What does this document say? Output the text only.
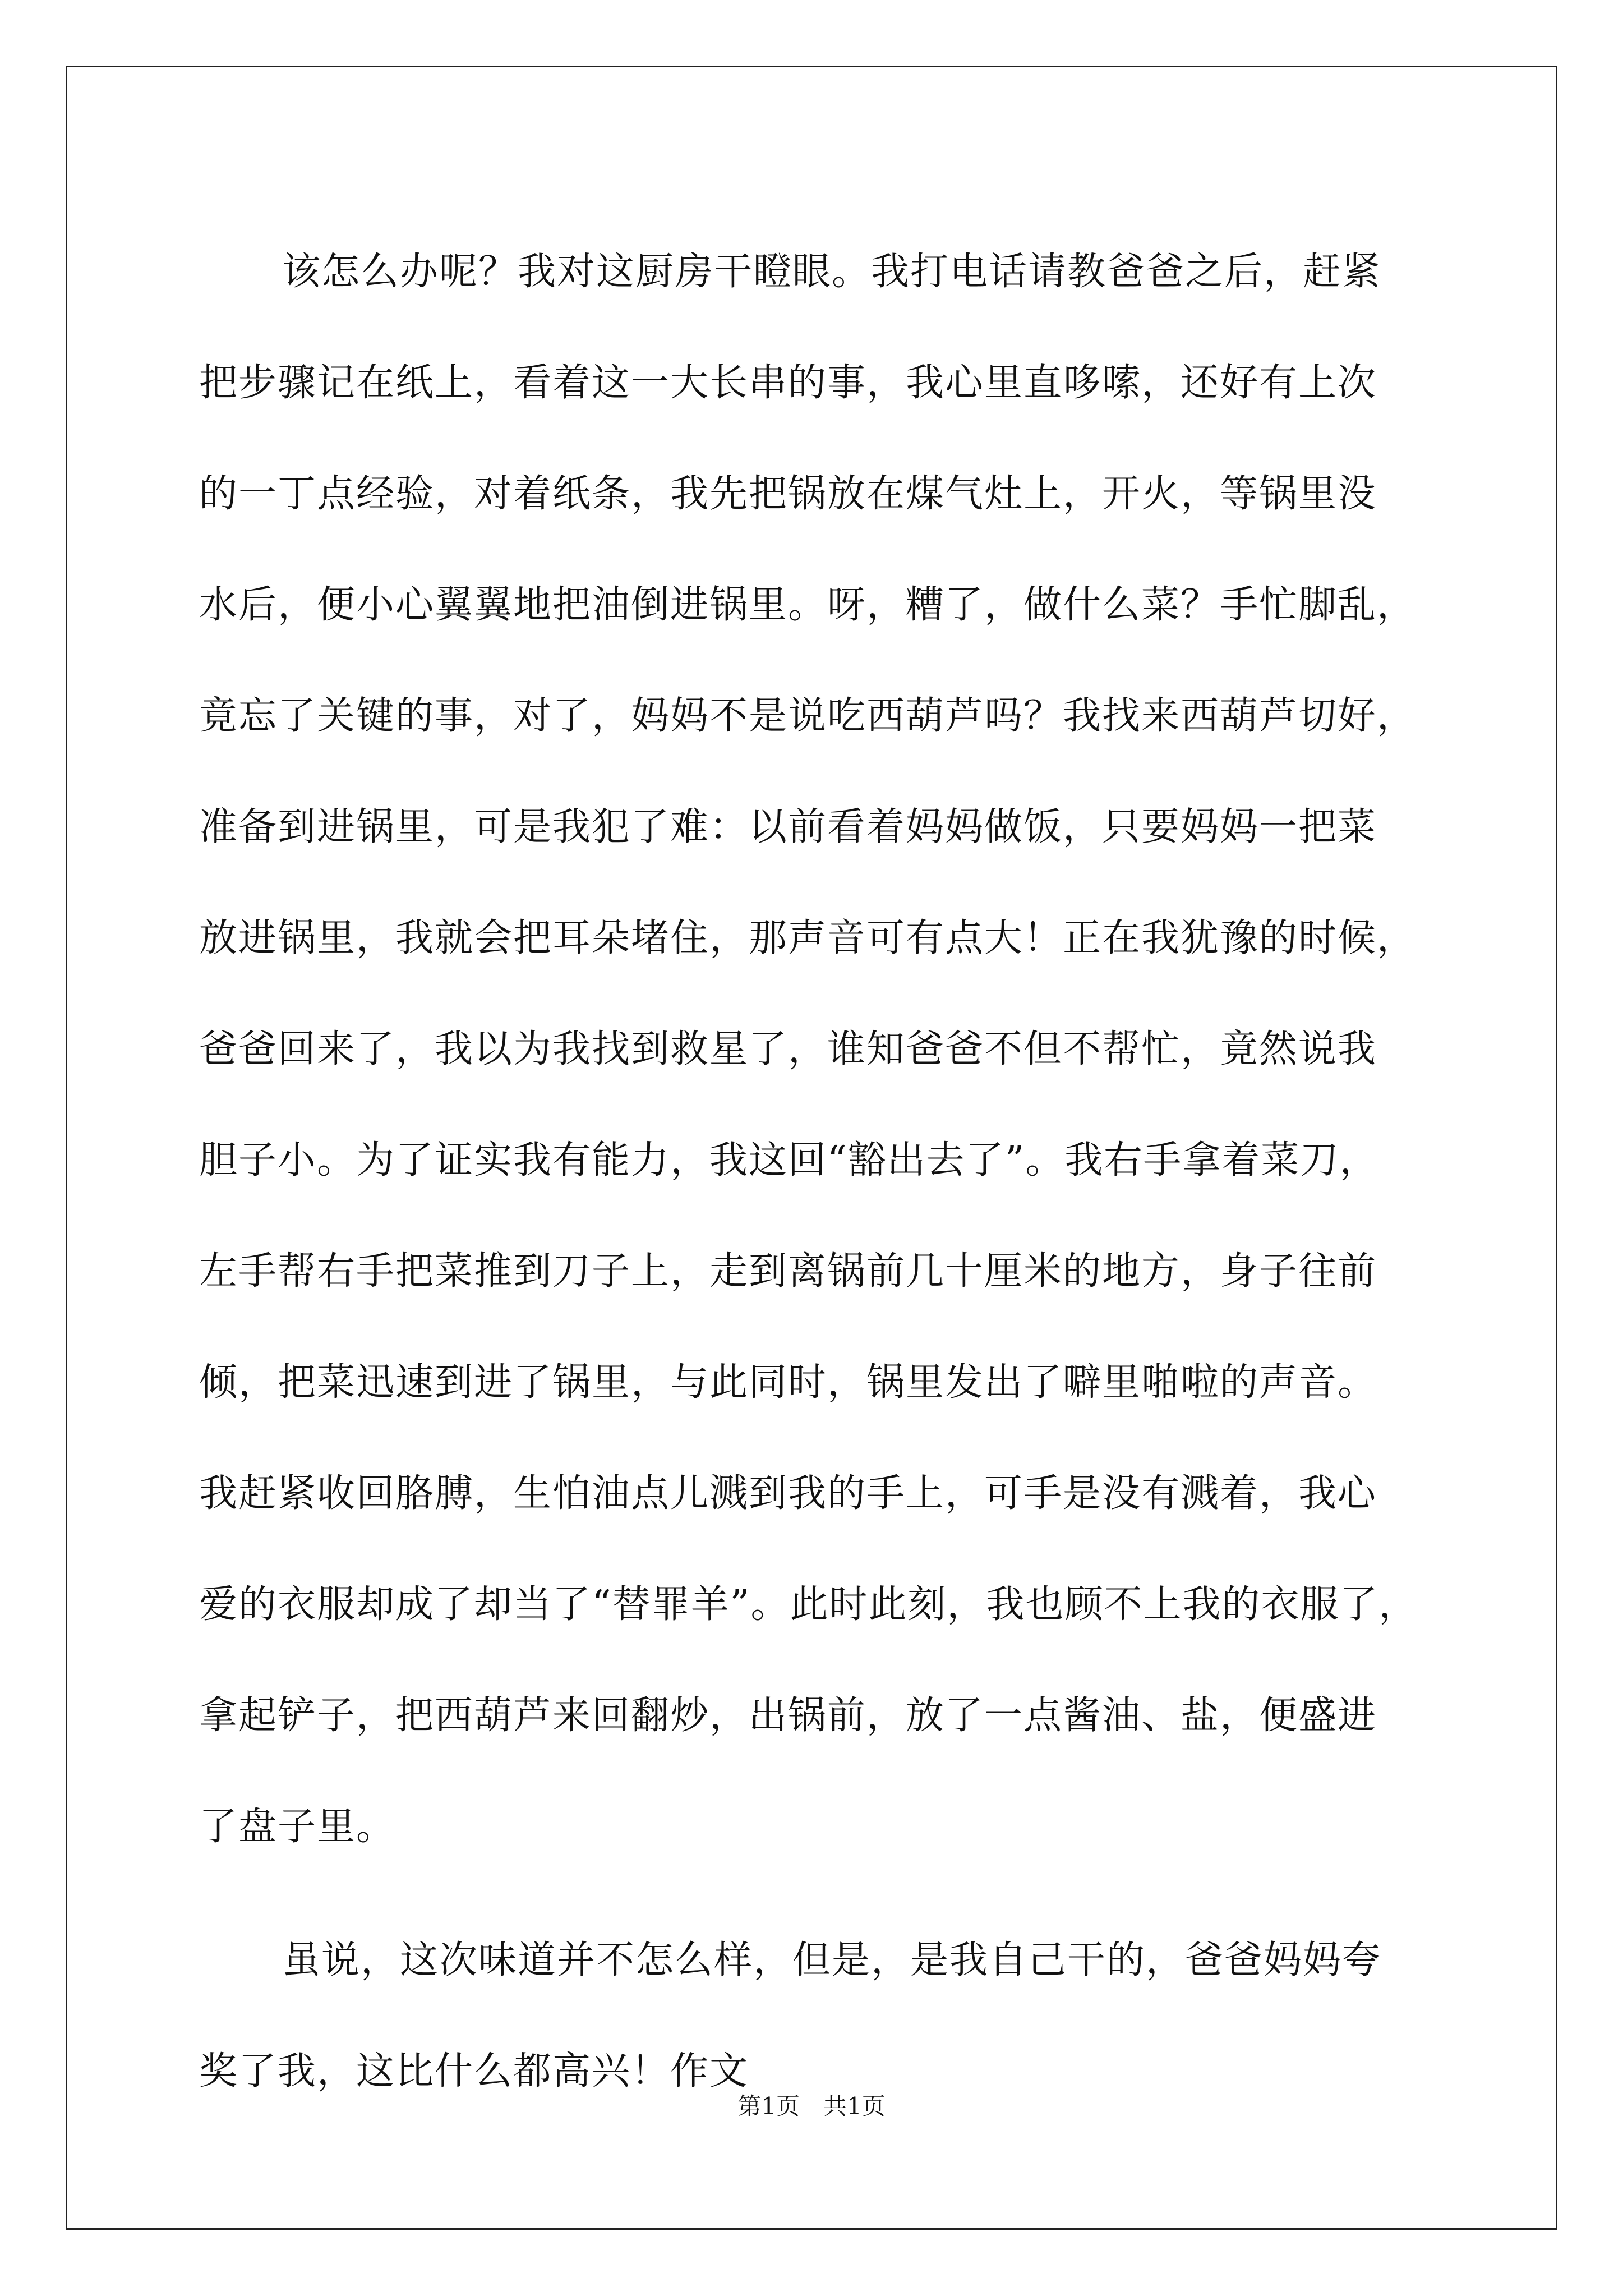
该怎么办呢？我对这厨房干瞪眼。我打电话请教爸爸之后，赶紧
把步骤记在纸上，看着这一大长串的事，我心里直哆嗦，还好有上次
的一丁点经验，对着纸条，我先把锅放在煤气灶上，开火，等锅里没
水后，便小心翼翼地把油倒进锅里。呀，糟了，做什么菜？手忙脚乱，
竟忘了关键的事，对了，妈妈不是说吃西葫芦吗？我找来西葫芦切好，
准备到进锅里，可是我犯了难：以前看着妈妈做饭，只要妈妈一把菜
放进锅里，我就会把耳朵堵住，那声音可有点大！正在我犹豫的时候，
爸爸回来了，我以为我找到救星了，谁知爸爸不但不帮忙，竟然说我
胆子小。为了证实我有能力，我这回“豁出去了”。我右手拿着菜刀，
左手帮右手把菜推到刀子上，走到离锅前几十厘米的地方，身子往前
倾，把菜迅速到进了锅里，与此同时，锅里发出了噼里啪啦的声音。
我赶紧收回胳膊，生怕油点儿溅到我的手上，可手是没有溅着，我心
爱的衣服却成了却当了“替罪羊”。此时此刻，我也顾不上我的衣服了，
拿起铲子，把西葫芦来回翻炒，出锅前，放了一点酱油、盐，便盛进
了盘子里。
虽说，这次味道并不怎么样，但是，是我自己干的，爸爸妈妈夸
奖了我，这比什么都高兴！作文
第1页　共1页
